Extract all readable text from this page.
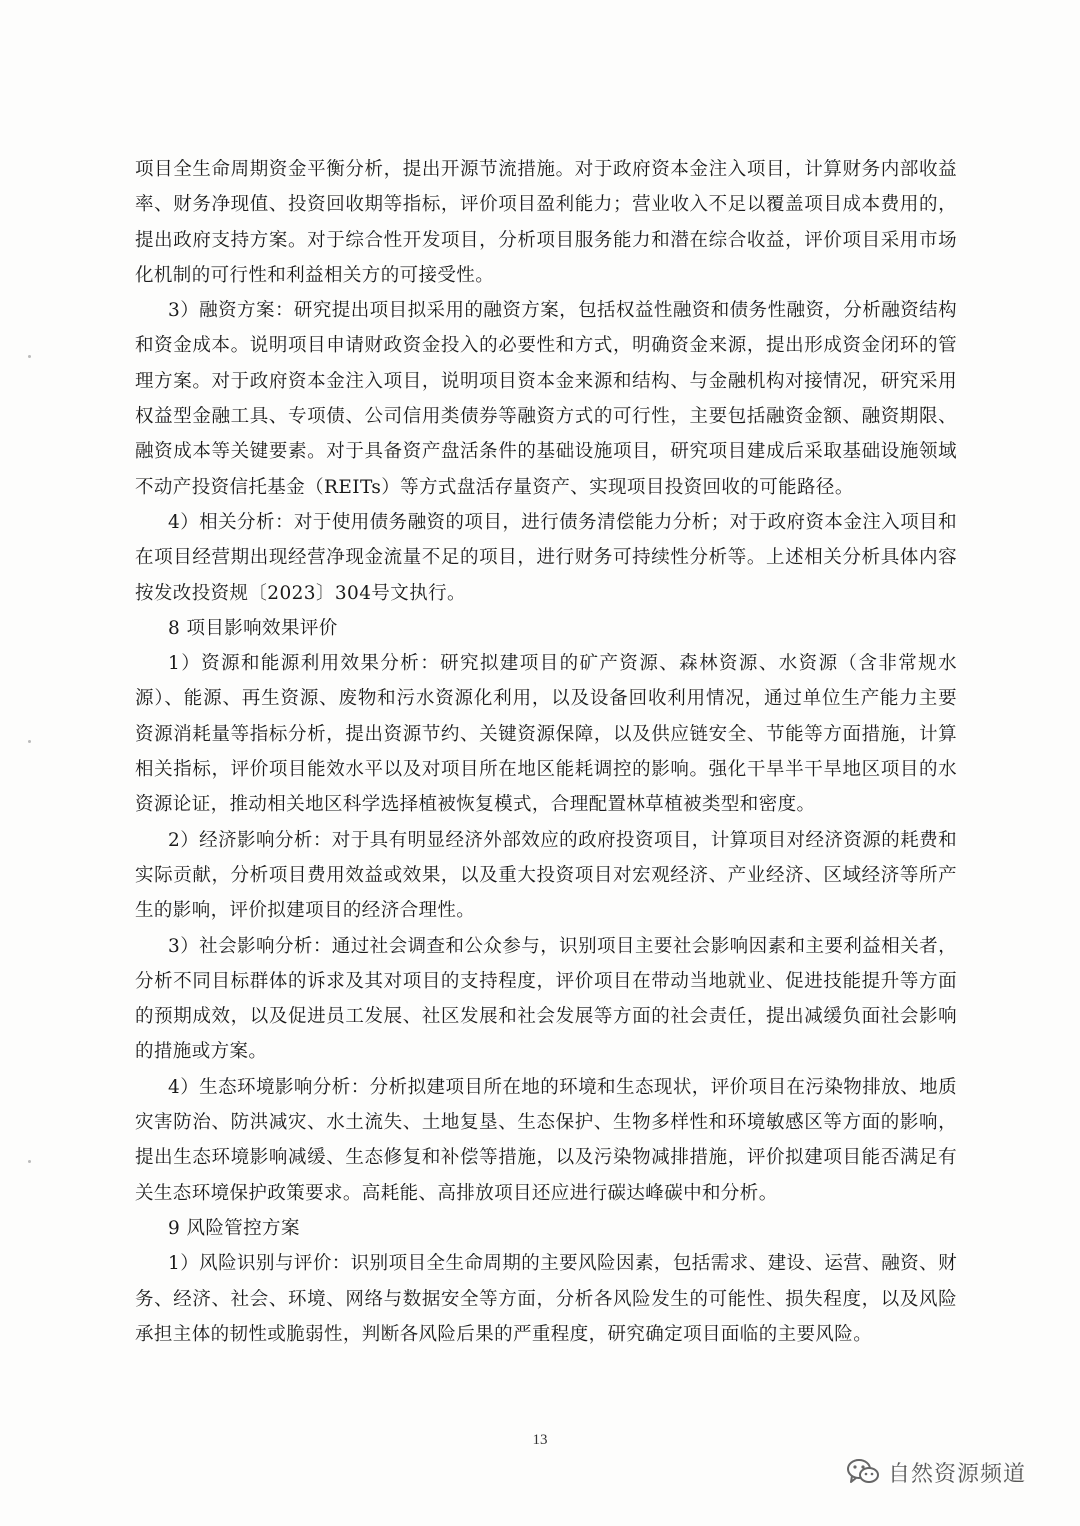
项目全生命周期资金平衡分析，提出开源节流措施。对于政府资本金注入项目，计算财务内部收益率、财务净现值、投资回收期等指标，评价项目盈利能力；营业收入不足以覆盖项目成本费用的，提出政府支持方案。对于综合性开发项目，分析项目服务能力和潜在综合收益，评价项目采用市场化机制的可行性和利益相关方的可接受性。

3）融资方案：研究提出项目拟采用的融资方案，包括权益性融资和债务性融资，分析融资结构和资金成本。说明项目申请财政资金投入的必要性和方式，明确资金来源，提出形成资金闭环的管理方案。对于政府资本金注入项目，说明项目资本金来源和结构、与金融机构对接情况，研究采用权益型金融工具、专项债、公司信用类债券等融资方式的可行性，主要包括融资金额、融资期限、融资成本等关键要素。对于具备资产盘活条件的基础设施项目，研究项目建成后采取基础设施领域不动产投资信托基金（REITs）等方式盘活存量资产、实现项目投资回收的可能路径。

4）相关分析：对于使用债务融资的项目，进行债务清偿能力分析；对于政府资本金注入项目和在项目经营期出现经营净现金流量不足的项目，进行财务可持续性分析等。上述相关分析具体内容按发改投资规〔2023〕304号文执行。

8 项目影响效果评价

1）资源和能源利用效果分析：研究拟建项目的矿产资源、森林资源、水资源（含非常规水源）、能源、再生资源、废物和污水资源化利用，以及设备回收利用情况，通过单位生产能力主要资源消耗量等指标分析，提出资源节约、关键资源保障，以及供应链安全、节能等方面措施，计算相关指标，评价项目能效水平以及对项目所在地区能耗调控的影响。强化干旱半干旱地区项目的水资源论证，推动相关地区科学选择植被恢复模式，合理配置林草植被类型和密度。

2）经济影响分析：对于具有明显经济外部效应的政府投资项目，计算项目对经济资源的耗费和实际贡献，分析项目费用效益或效果，以及重大投资项目对宏观经济、产业经济、区域经济等所产生的影响，评价拟建项目的经济合理性。

3）社会影响分析：通过社会调查和公众参与，识别项目主要社会影响因素和主要利益相关者，分析不同目标群体的诉求及其对项目的支持程度，评价项目在带动当地就业、促进技能提升等方面的预期成效，以及促进员工发展、社区发展和社会发展等方面的社会责任，提出减缓负面社会影响的措施或方案。

4）生态环境影响分析：分析拟建项目所在地的环境和生态现状，评价项目在污染物排放、地质灾害防治、防洪减灾、水土流失、土地复垦、生态保护、生物多样性和环境敏感区等方面的影响，提出生态环境影响减缓、生态修复和补偿等措施，以及污染物减排措施，评价拟建项目能否满足有关生态环境保护政策要求。高耗能、高排放项目还应进行碳达峰碳中和分析。

9 风险管控方案

1）风险识别与评价：识别项目全生命周期的主要风险因素，包括需求、建设、运营、融资、财务、经济、社会、环境、网络与数据安全等方面，分析各风险发生的可能性、损失程度，以及风险承担主体的韧性或脆弱性，判断各风险后果的严重程度，研究确定项目面临的主要风险。

13
自然资源频道
